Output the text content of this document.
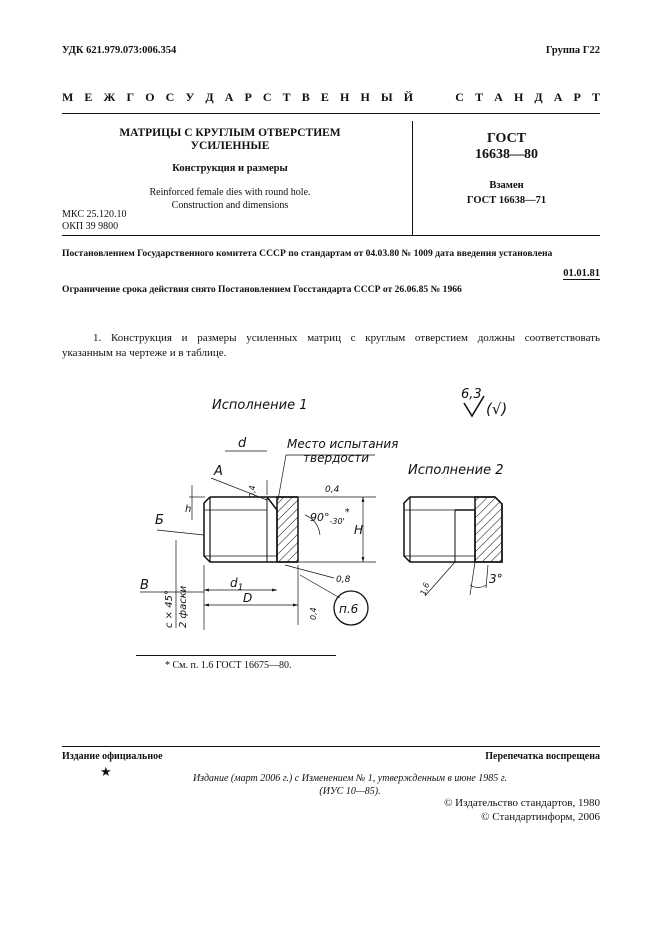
УДК 621.979.073:006.354	Группа Г22
М Е Ж Г О С У Д А Р С Т В Е Н Н Ы Й	С Т А Н Д А Р Т
МАТРИЦЫ С КРУГЛЫМ ОТВЕРСТИЕМ
УСИЛЕННЫЕ
Конструкция и размеры
Reinforced female dies with round hole.
Construction and dimensions
МКС 25.120.10
ОКП 39 9800
ГОСТ
16638—80
Взамен
ГОСТ 16638—71
Постановлением Государственного комитета СССР по стандартам от 04.03.80 № 1009 дата введения установлена
01.01.81
Ограничение срока действия снято Постановлением Госстандарта СССР от 26.06.85 № 1966
1. Конструкция и размеры усиленных матриц с круглым отверстием должны соответствовать
указанным на чертеже и в таблице.
Исполнение 1
Исполнение 2
6,3
(√)
d	Место испытания
твердости
А
Б
В
h
H
$d_1$
D
$90^\circ_{-30'}*$
0,4
0,4
0,8
0,4
c × 45° 2 фаски	п.6
1,6
3°
* См. п. 1.6 ГОСТ 16675—80.
Издание официальное	Перепечатка воспрещена
★	Издание (март 2006 г.) с Изменением № 1, утвержденным в июне 1985 г.
(ИУС 10—85).
© Издательство стандартов, 1980
© Стандартинформ, 2006
